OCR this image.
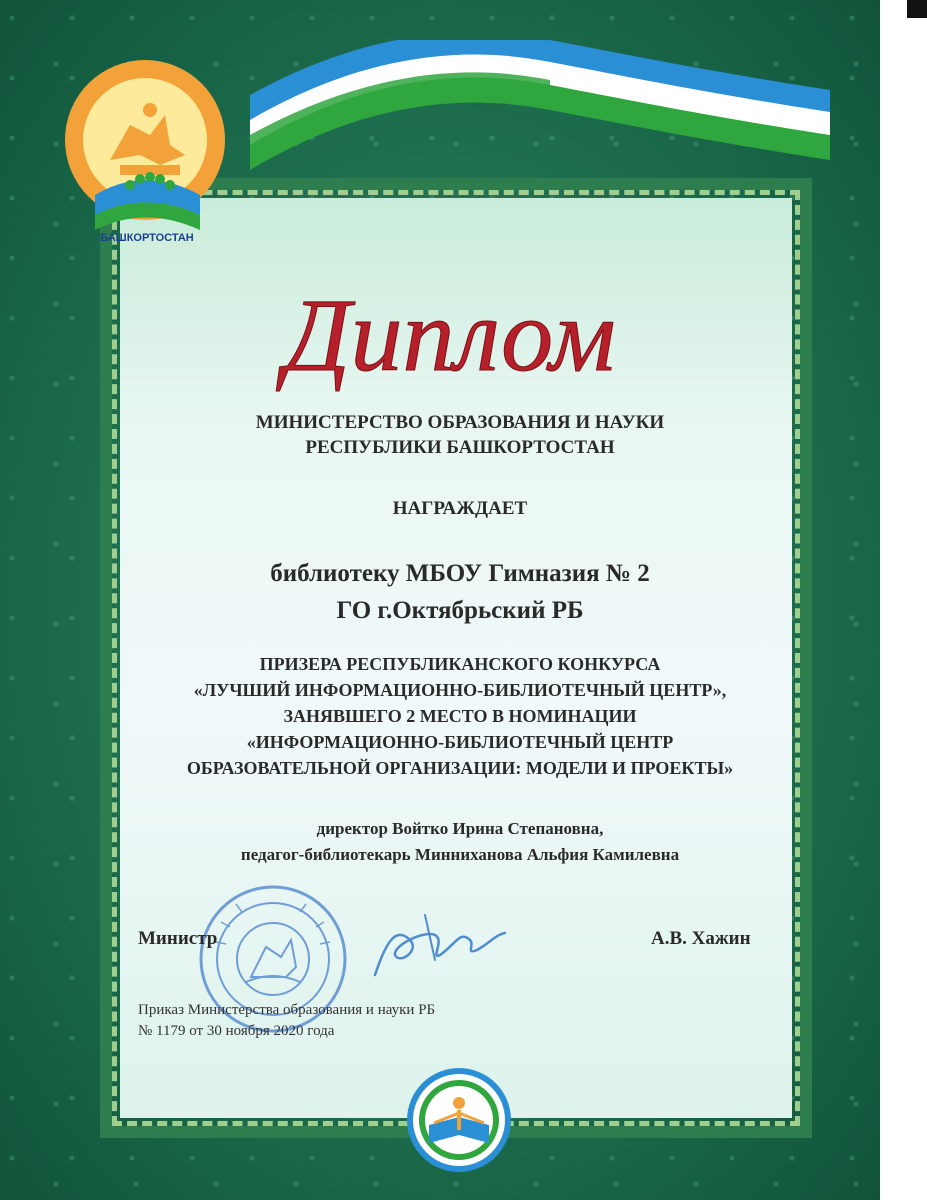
БАШКОРТОСТАН
Диплом
МИНИСТЕРСТВО ОБРАЗОВАНИЯ И НАУКИ
РЕСПУБЛИКИ БАШКОРТОСТАН
НАГРАЖДАЕТ
библиотеку МБОУ Гимназия № 2
ГО г.Октябрьский РБ
ПРИЗЕРА РЕСПУБЛИКАНСКОГО КОНКУРСА
«ЛУЧШИЙ ИНФОРМАЦИОННО-БИБЛИОТЕЧНЫЙ ЦЕНТР»,
ЗАНЯВШЕГО 2 МЕСТО В НОМИНАЦИИ
«ИНФОРМАЦИОННО-БИБЛИОТЕЧНЫЙ ЦЕНТР
ОБРАЗОВАТЕЛЬНОЙ ОРГАНИЗАЦИИ: МОДЕЛИ И ПРОЕКТЫ»
директор Войтко Ирина Степановна,
педагог-библиотекарь Минниханова Альфия Камилевна
Министр	А.В. Хажин
Приказ Министерства образования и науки РБ
№ 1179 от 30 ноября 2020 года
